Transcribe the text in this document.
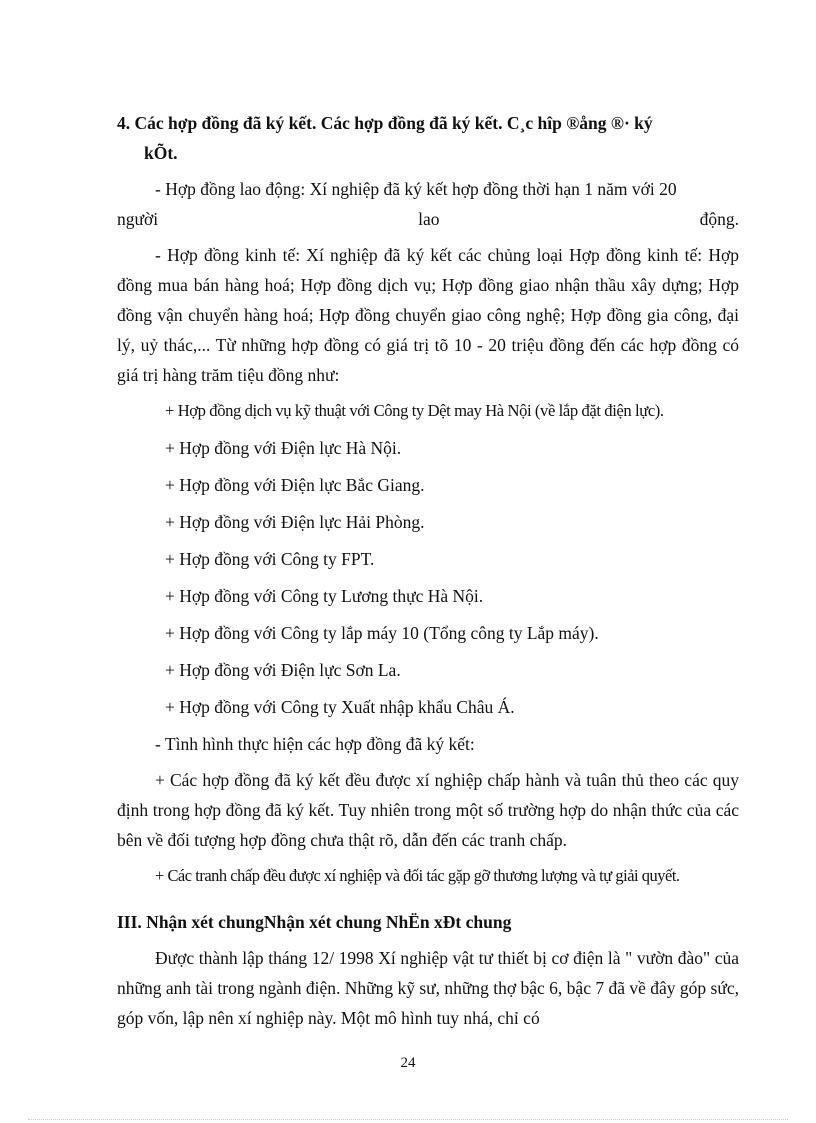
4. Các hợp đồng đã ký kết. Các hợp đồng đã ký kết. C¸c hîp ®ång ®· ký
kÕt.

- Hợp đồng lao động: Xí nghiệp đã ký kết hợp đồng thời hạn 1 năm với 20

người	lao	động.

- Hợp đồng kinh tế: Xí nghiệp đã ký kết các chủng loại Hợp đồng kinh tế: Hợp đồng mua bán hàng hoá; Hợp đồng dịch vụ; Hợp đồng giao nhận thầu xây dựng; Hợp đồng vận chuyển hàng hoá; Hợp đồng chuyển giao công nghệ; Hợp đồng gia công, đại lý, uỷ thác,... Từ những hợp đồng có giá trị tõ 10 - 20 triệu đồng đến các hợp đồng có giá trị hàng trăm tiệu đồng như:

+ Hợp đồng dịch vụ kỹ thuật với Công ty Dệt may Hà Nội (về lắp đặt điện lực).

+ Hợp đồng với Điện lực Hà Nội.

+ Hợp đồng với Điện lực Bắc Giang.

+ Hợp đồng với Điện lực Hải Phòng.

+ Hợp đồng với Công ty FPT.

+ Hợp đồng với Công ty Lương thực Hà Nội.

+ Hợp đồng với Công ty lắp máy 10 (Tổng công ty Lắp máy).

+ Hợp đồng với Điện lực Sơn La.

+ Hợp đồng với Công ty Xuất nhập khẩu Châu Á.

- Tình hình thực hiện các hợp đồng đã ký kết:

+ Các hợp đồng đã ký kết đều được xí nghiệp chấp hành và tuân thủ theo các quy định trong hợp đồng đã ký kết. Tuy nhiên trong một số trường hợp do nhận thức của các bên về đối tượng hợp đồng chưa thật rõ, dẫn đến các tranh chấp.

+ Các tranh chấp đều được xí nghiệp và đối tác gặp gỡ thương lượng và tự giải quyết.

III. Nhận xét chungNhận xét chung NhËn xÐt chung

Được thành lập tháng 12/ 1998 Xí nghiệp vật tư thiết bị cơ điện là " vườn đào" của những anh tài trong ngành điện. Những kỹ sư, những thợ bậc 6, bậc 7 đã về đây góp sức, góp vốn, lập nên xí nghiệp này. Một mô hình tuy nhá, chỉ có

24
